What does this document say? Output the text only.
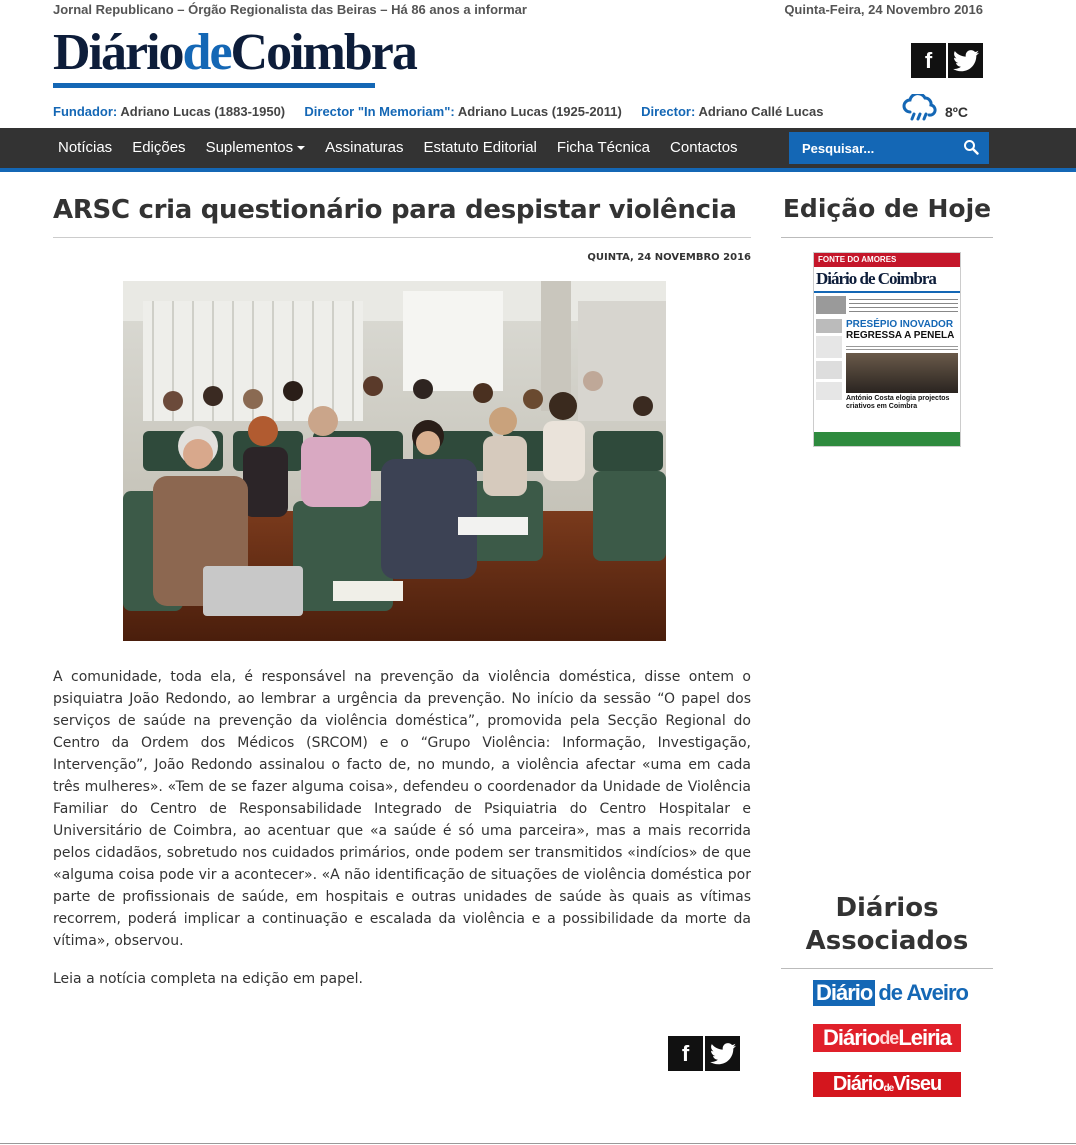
Jornal Republicano – Órgão Regionalista das Beiras – Há 86 anos a informar	Quinta-Feira, 24 Novembro 2016
DiáriodeCoimbra	f
Fundador: Adriano Lucas (1883-1950) Director "In Memoriam": Adriano Lucas (1925-2011) Director: Adriano Callé Lucas	8ºC
Notícias	Edições	Suplementos	Assinaturas	Estatuto Editorial	Ficha Técnica	Contactos
Pesquisar...
ARSC cria questionário para despistar violência
QUINTA, 24 NOVEMBRO 2016

A comunidade, toda ela, é responsável na prevenção da violência doméstica, disse ontem o psiquiatra João Redondo, ao lembrar a urgência da prevenção. No início da sessão “O papel dos serviços de saúde na prevenção da violência doméstica”, promovida pela Secção Regional do Centro da Ordem dos Médicos (SRCOM) e o “Grupo Violência: Informação, Investigação, Intervenção”, João Redondo assinalou o facto de, no mundo, a violência afectar «uma em cada três mulheres». «Tem de se fazer alguma coisa», defendeu o coordenador da Unidade de Violência Familiar do Centro de Responsabilidade Integrado de Psiquiatria do Centro Hospitalar e Universitário de Coimbra, ao acentuar que «a saúde é só uma parceira», mas a mais recorrida pelos cidadãos, sobretudo nos cuidados primários, onde podem ser transmitidos «indícios» de que «alguma coisa pode vir a acontecer». «A não identificação de situações de violência doméstica por parte de profissionais de saúde, em hospitais e outras unidades de saúde às quais as vítimas recorrem, poderá implicar a continuação e escalada da violência e a possibilidade da morte da vítima», observou.

Leia a notícia completa na edição em papel.

f
Edição de Hoje
FONTE DO AMORES
Diário de Coimbra
PRESÉPIO INOVADOR
REGRESSA A PENELA
António Costa elogia projectos criativos em Coimbra
Diários
Associados
Diário de Aveiro
Diário de Leiria
Diário de Viseu
